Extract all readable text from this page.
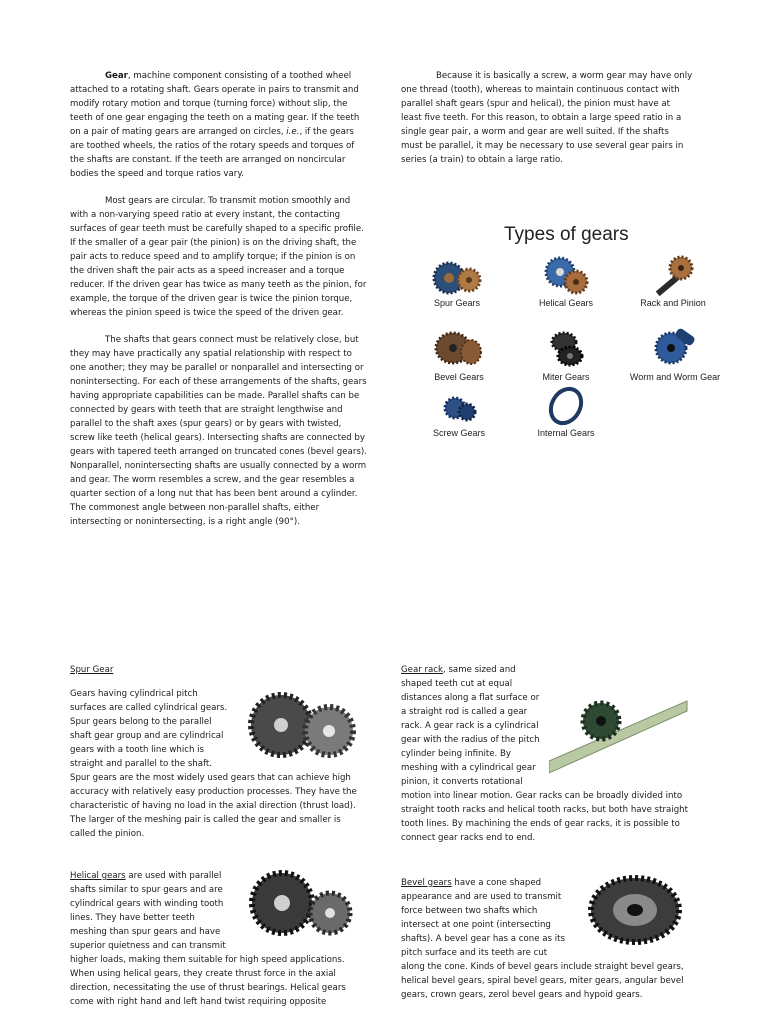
Gear, machine component consisting of a toothed wheel attached to a rotating shaft. Gears operate in pairs to transmit and modify rotary motion and torque (turning force) without slip, the teeth of one gear engaging the teeth on a mating gear. If the teeth on a pair of mating gears are arranged on circles, i.e., if the gears are toothed wheels, the ratios of the rotary speeds and torques of the shafts are constant. If the teeth are arranged on noncircular bodies the speed and torque ratios vary.

Most gears are circular. To transmit motion smoothly and with a non-varying speed ratio at every instant, the contacting surfaces of gear teeth must be carefully shaped to a specific profile. If the smaller of a gear pair (the pinion) is on the driving shaft, the pair acts to reduce speed and to amplify torque; if the pinion is on the driven shaft the pair acts as a speed increaser and a torque reducer. If the driven gear has twice as many teeth as the pinion, for example, the torque of the driven gear is twice the pinion torque, whereas the pinion speed is twice the speed of the driven gear.

The shafts that gears connect must be relatively close, but they may have practically any spatial relationship with respect to one another; they may be parallel or nonparallel and intersecting or nonintersecting. For each of these arrangements of the shafts, gears having appropriate capabilities can be made. Parallel shafts can be connected by gears with teeth that are straight lengthwise and parallel to the shaft axes (spur gears) or by gears with twisted, screw like teeth (helical gears). Intersecting shafts are connected by gears with tapered teeth arranged on truncated cones (bevel gears). Nonparallel, nonintersecting shafts are usually connected by a worm and gear. The worm resembles a screw, and the gear resembles a quarter section of a long nut that has been bent around a cylinder. The commonest angle between non-parallel shafts, either intersecting or nonintersecting, is a right angle (90°).

Because it is basically a screw, a worm gear may have only one thread (tooth), whereas to maintain continuous contact with parallel shaft gears (spur and helical), the pinion must have at least five teeth. For this reason, to obtain a large speed ratio in a single gear pair, a worm and gear are well suited. If the shafts must be parallel, it may be necessary to use several gear pairs in series (a train) to obtain a large ratio.

Types of gears
Spur Gears	Helical Gears	Rack and Pinion
Bevel Gears	Miter Gears	Worm and Worm Gear
Screw Gears	Internal Gears

Spur Gear

Gears having cylindrical pitch surfaces are called cylindrical gears. Spur gears belong to the parallel shaft gear group and are cylindrical gears with a tooth line which is straight and parallel to the shaft. Spur gears are the most widely used gears that can achieve high accuracy with relatively easy production processes. They have the characteristic of having no load in the axial direction (thrust load). The larger of the meshing pair is called the gear and smaller is called the pinion.

Gear rack, same sized and shaped teeth cut at equal distances along a flat surface or a straight rod is called a gear rack. A gear rack is a cylindrical gear with the radius of the pitch cylinder being infinite. By meshing with a cylindrical gear pinion, it converts rotational motion into linear motion. Gear racks can be broadly divided into straight tooth racks and helical tooth racks, but both have straight tooth lines. By machining the ends of gear racks, it is possible to connect gear racks end to end.

Helical gears are used with parallel shafts similar to spur gears and are cylindrical gears with winding tooth lines. They have better teeth meshing than spur gears and have superior quietness and can transmit higher loads, making them suitable for high speed applications. When using helical gears, they create thrust force in the axial direction, necessitating the use of thrust bearings. Helical gears come with right hand and left hand twist requiring opposite

Bevel gears have a cone shaped appearance and are used to transmit force between two shafts which intersect at one point (intersecting shafts). A bevel gear has a cone as its pitch surface and its teeth are cut along the cone. Kinds of bevel gears include straight bevel gears, helical bevel gears, spiral bevel gears, miter gears, angular bevel gears, crown gears, zerol bevel gears and hypoid gears.
